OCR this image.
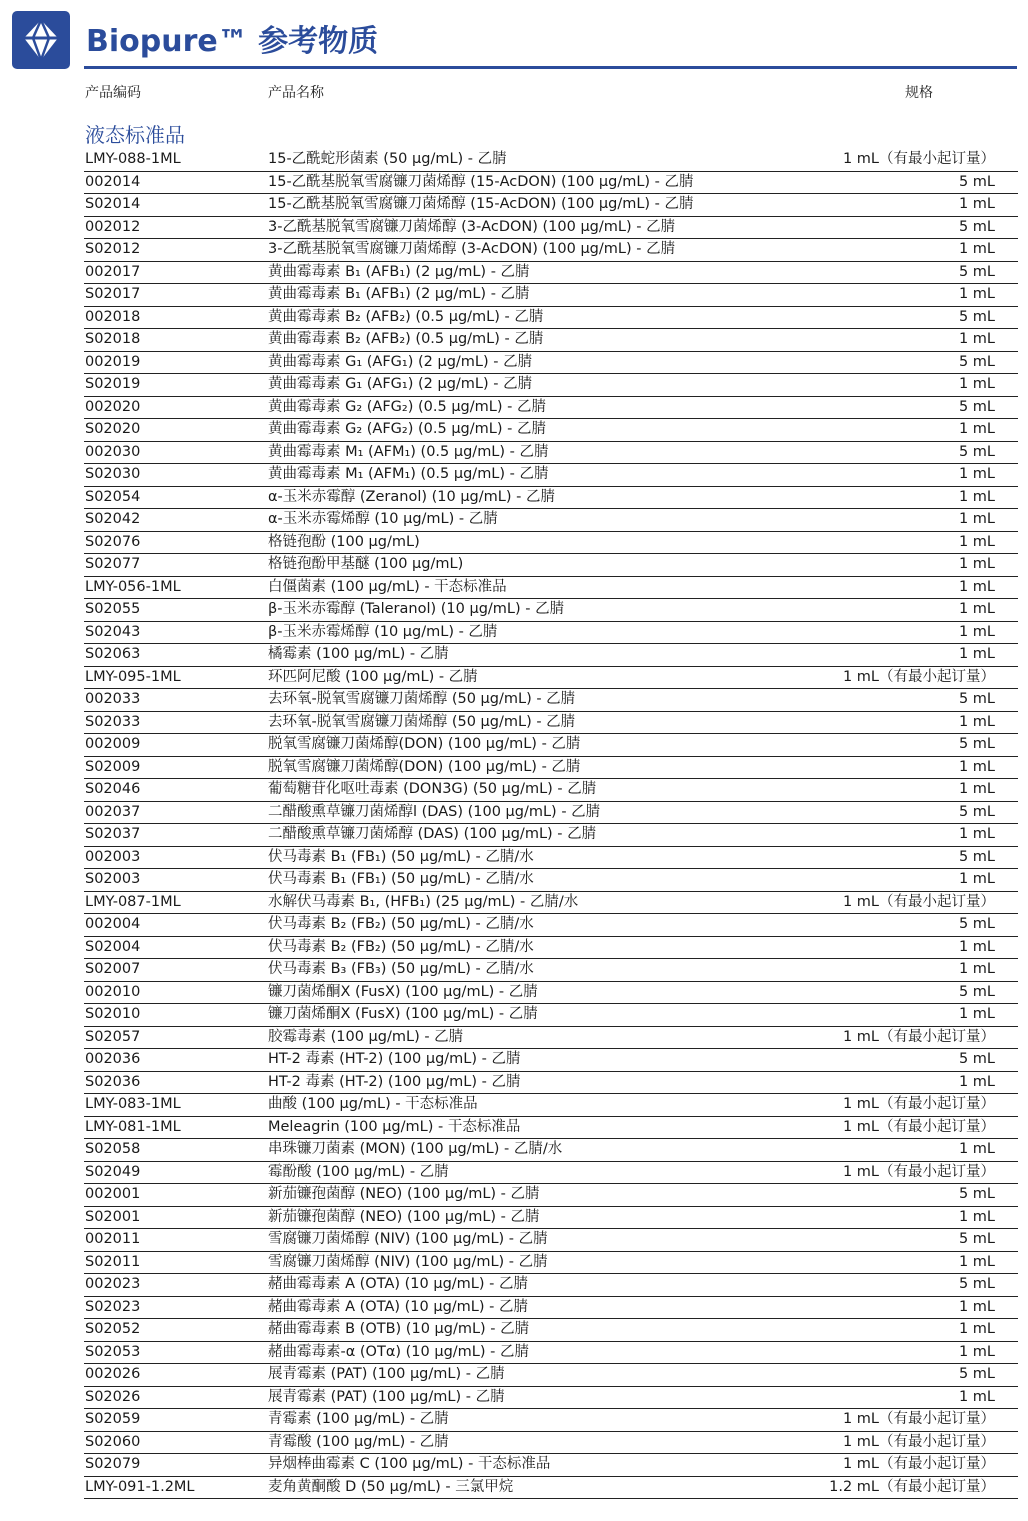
Biopure™ 参考物质
产品编码	产品名称	规格
液态标准品
LMY-088-1ML	15-乙酰蛇形菌素 (50 µg/mL) - 乙腈	1 mL（有最小起订量）
002014	15-乙酰基脱氧雪腐镰刀菌烯醇 (15-AcDON) (100 µg/mL) - 乙腈	5 mL
S02014	15-乙酰基脱氧雪腐镰刀菌烯醇 (15-AcDON) (100 µg/mL) - 乙腈	1 mL
002012	3-乙酰基脱氧雪腐镰刀菌烯醇 (3-AcDON) (100 µg/mL) - 乙腈	5 mL
S02012	3-乙酰基脱氧雪腐镰刀菌烯醇 (3-AcDON) (100 µg/mL) - 乙腈	1 mL
002017	黄曲霉毒素 B₁ (AFB₁) (2 µg/mL) - 乙腈	5 mL
S02017	黄曲霉毒素 B₁ (AFB₁) (2 µg/mL) - 乙腈	1 mL
002018	黄曲霉毒素 B₂ (AFB₂) (0.5 µg/mL) - 乙腈	5 mL
S02018	黄曲霉毒素 B₂ (AFB₂) (0.5 µg/mL) - 乙腈	1 mL
002019	黄曲霉毒素 G₁ (AFG₁) (2 µg/mL) - 乙腈	5 mL
S02019	黄曲霉毒素 G₁ (AFG₁) (2 µg/mL) - 乙腈	1 mL
002020	黄曲霉毒素 G₂ (AFG₂) (0.5 µg/mL) - 乙腈	5 mL
S02020	黄曲霉毒素 G₂ (AFG₂) (0.5 µg/mL) - 乙腈	1 mL
002030	黄曲霉毒素 M₁ (AFM₁) (0.5 µg/mL) - 乙腈	5 mL
S02030	黄曲霉毒素 M₁ (AFM₁) (0.5 µg/mL) - 乙腈	1 mL
S02054	α-玉米赤霉醇 (Zeranol) (10 µg/mL) - 乙腈	1 mL
S02042	α-玉米赤霉烯醇 (10 µg/mL) - 乙腈	1 mL
S02076	格链孢酚 (100 µg/mL)	1 mL
S02077	格链孢酚甲基醚 (100 µg/mL)	1 mL
LMY-056-1ML	白僵菌素 (100 µg/mL) - 干态标准品	1 mL
S02055	β-玉米赤霉醇 (Taleranol) (10 µg/mL) - 乙腈	1 mL
S02043	β-玉米赤霉烯醇 (10 µg/mL) - 乙腈	1 mL
S02063	橘霉素 (100 µg/mL) - 乙腈	1 mL
LMY-095-1ML	环匹阿尼酸 (100 µg/mL) - 乙腈	1 mL（有最小起订量）
002033	去环氧-脱氧雪腐镰刀菌烯醇 (50 µg/mL) - 乙腈	5 mL
S02033	去环氧-脱氧雪腐镰刀菌烯醇 (50 µg/mL) - 乙腈	1 mL
002009	脱氧雪腐镰刀菌烯醇(DON) (100 µg/mL) - 乙腈	5 mL
S02009	脱氧雪腐镰刀菌烯醇(DON) (100 µg/mL) - 乙腈	1 mL
S02046	葡萄糖苷化呕吐毒素 (DON3G) (50 µg/mL) - 乙腈	1 mL
002037	二醋酸熏草镰刀菌烯醇l (DAS) (100 µg/mL) - 乙腈	5 mL
S02037	二醋酸熏草镰刀菌烯醇 (DAS) (100 µg/mL) - 乙腈	1 mL
002003	伏马毒素 B₁ (FB₁) (50 µg/mL) - 乙腈/水	5 mL
S02003	伏马毒素 B₁ (FB₁) (50 µg/mL) - 乙腈/水	1 mL
LMY-087-1ML	水解伏马毒素 B₁, (HFB₁) (25 µg/mL) - 乙腈/水	1 mL（有最小起订量）
002004	伏马毒素 B₂ (FB₂) (50 µg/mL) - 乙腈/水	5 mL
S02004	伏马毒素 B₂ (FB₂) (50 µg/mL) - 乙腈/水	1 mL
S02007	伏马毒素 B₃ (FB₃) (50 µg/mL) - 乙腈/水	1 mL
002010	镰刀菌烯酮X (FusX) (100 µg/mL) - 乙腈	5 mL
S02010	镰刀菌烯酮X (FusX) (100 µg/mL) - 乙腈	1 mL
S02057	胶霉毒素 (100 µg/mL) - 乙腈	1 mL（有最小起订量）
002036	HT-2 毒素 (HT-2) (100 µg/mL) - 乙腈	5 mL
S02036	HT-2 毒素 (HT-2) (100 µg/mL) - 乙腈	1 mL
LMY-083-1ML	曲酸 (100 µg/mL) - 干态标准品	1 mL（有最小起订量）
LMY-081-1ML	Meleagrin (100 µg/mL) - 干态标准品	1 mL（有最小起订量）
S02058	串珠镰刀菌素 (MON) (100 µg/mL) - 乙腈/水	1 mL
S02049	霉酚酸 (100 µg/mL) - 乙腈	1 mL（有最小起订量）
002001	新茄镰孢菌醇 (NEO) (100 µg/mL) - 乙腈	5 mL
S02001	新茄镰孢菌醇 (NEO) (100 µg/mL) - 乙腈	1 mL
002011	雪腐镰刀菌烯醇 (NIV) (100 µg/mL) - 乙腈	5 mL
S02011	雪腐镰刀菌烯醇 (NIV) (100 µg/mL) - 乙腈	1 mL
002023	赭曲霉毒素 A (OTA) (10 µg/mL) - 乙腈	5 mL
S02023	赭曲霉毒素 A (OTA) (10 µg/mL) - 乙腈	1 mL
S02052	赭曲霉毒素 B (OTB) (10 µg/mL) - 乙腈	1 mL
S02053	赭曲霉毒素-α (OTα) (10 µg/mL) - 乙腈	1 mL
002026	展青霉素 (PAT) (100 µg/mL) - 乙腈	5 mL
S02026	展青霉素 (PAT) (100 µg/mL) - 乙腈	1 mL
S02059	青霉素 (100 µg/mL) - 乙腈	1 mL（有最小起订量）
S02060	青霉酸 (100 µg/mL) - 乙腈	1 mL（有最小起订量）
S02079	异烟棒曲霉素 C (100 µg/mL) - 干态标准品	1 mL（有最小起订量）
LMY-091-1.2ML	麦角黄酮酸 D (50 µg/mL) - 三氯甲烷	1.2 mL（有最小起订量）
